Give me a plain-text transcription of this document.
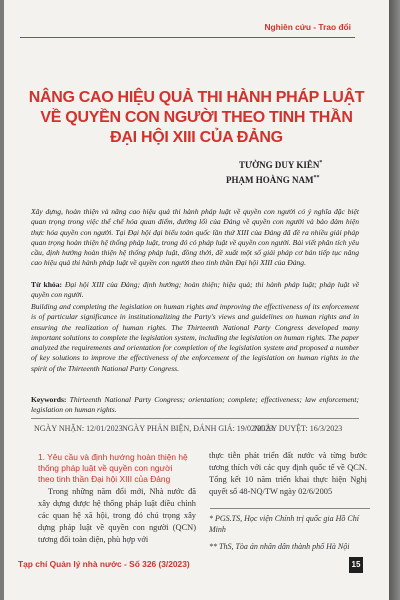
Nghiên cứu - Trao đổi
NÂNG CAO HIỆU QUẢ THI HÀNH PHÁP LUẬT
VỀ QUYỀN CON NGƯỜI THEO TINH THẦN
ĐẠI HỘI XIII CỦA ĐẢNG
TƯỜNG DUY KIÊN*
PHẠM HOÀNG NAM**

Xây dựng, hoàn thiện và nâng cao hiệu quả thi hành pháp luật về quyền con người có ý nghĩa đặc biệt quan trọng trong việc thể chế hóa quan điểm, đường lối của Đảng về quyền con người và bảo đảm hiện thực hóa quyền con người. Tại Đại hội đại biểu toàn quốc lần thứ XIII của Đảng đã đề ra nhiều giải pháp quan trọng hoàn thiện hệ thống pháp luật, trong đó có pháp luật về quyền con người. Bài viết phân tích yêu cầu, định hướng hoàn thiện hệ thống pháp luật, đồng thời, đề xuất một số giải pháp cơ bản tiếp tục nâng cao hiệu quả thi hành pháp luật về quyền con người theo tinh thần Đại hội XIII của Đảng.

Từ khóa: Đại hội XIII của Đảng; định hướng; hoàn thiện; hiệu quả; thi hành pháp luật; pháp luật về quyền con người.

Building and completing the legislation on human rights and improving the effectiveness of its enforcement is of particular significance in institutionalizing the Party's views and guidelines on human rights and in ensuring the realization of human rights. The Thirteenth National Party Congress developed many important solutions to complete the legislation system, including the legislation on human rights. The paper analyzed the requirements and orientation for completion of the legislation system and proposed a number of key solutions to improve the effectiveness of the enforcement of the legislation on human rights in the spirit of the Thirteenth National Party Congress.

Keywords: Thirteenth National Party Congress; orientation; complete; effectiveness; law enforcement; legislation on human rights.

NGÀY NHẬN: 12/01/2023 NGÀY PHẢN BIỆN, ĐÁNH GIÁ: 19/02/2023
NGÀY DUYỆT: 16/3/2023
1. Yêu cầu và định hướng hoàn thiện hệ thống pháp luật về quyền con người theo tinh thần Đại hội XIII của Đảng

Trong những năm đổi mới, Nhà nước đã xây dựng được hệ thống pháp luật điều chỉnh các quan hệ xã hội, trong đó chú trọng xây dựng pháp luật về quyền con người (QCN) tương đối toàn diện, phù hợp với

thực tiễn phát triển đất nước và từng bước tương thích với các quy định quốc tế về QCN. Tổng kết 10 năm triển khai thực hiện Nghị quyết số 48-NQ/TW ngày 02/6/2005

* PGS.TS, Học viện Chính trị quốc gia Hồ Chí Minh

** ThS, Tòa án nhân dân thành phố Hà Nội

Tạp chí Quản lý nhà nước - Số 326 (3/2023)	15
